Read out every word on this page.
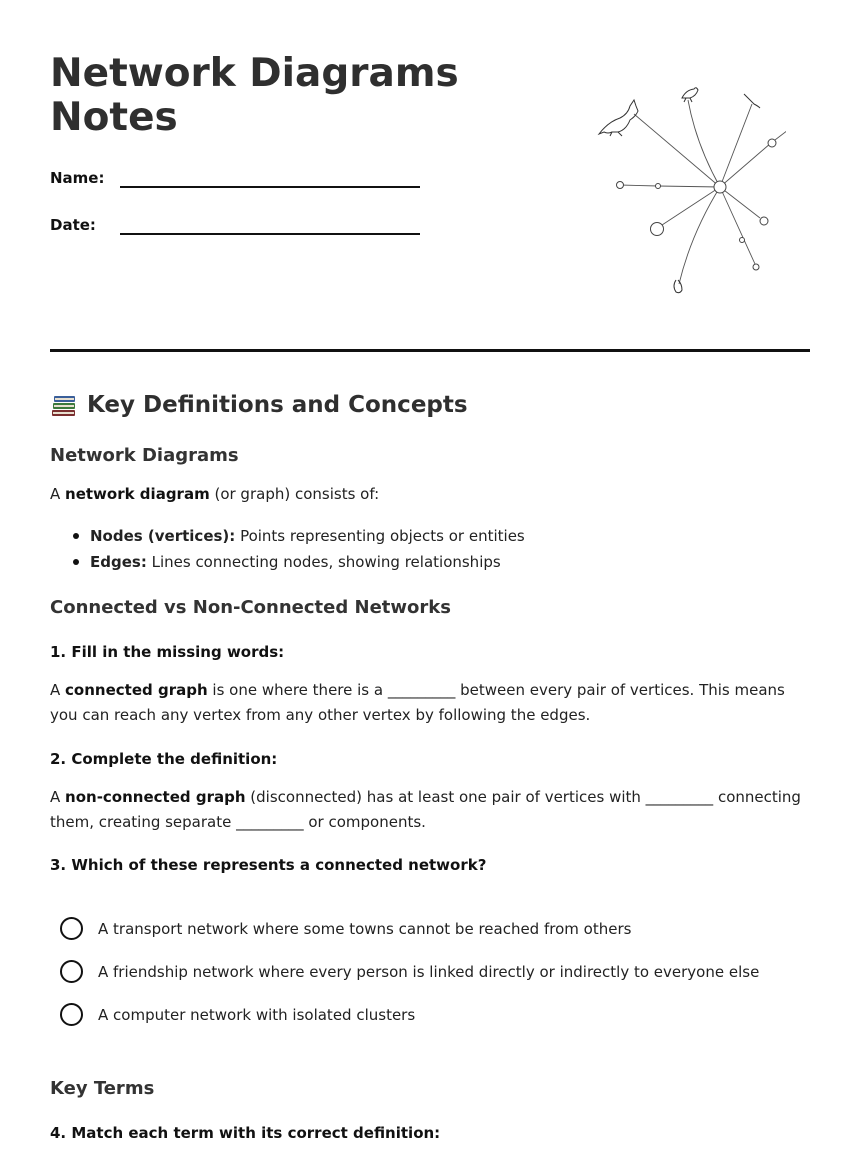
Network Diagrams
Notes
Name:
Date:
Key Definitions and Concepts
Network Diagrams

A network diagram (or graph) consists of:

Nodes (vertices): Points representing objects or entities
Edges: Lines connecting nodes, showing relationships
Connected vs Non-Connected Networks

1. Fill in the missing words:

A connected graph is one where there is a _________ between every pair of vertices. This means you can reach any vertex from any other vertex by following the edges.

2. Complete the definition:

A non-connected graph (disconnected) has at least one pair of vertices with _________ connecting them, creating separate _________ or components.

3. Which of these represents a connected network?

A transport network where some towns cannot be reached from others
A friendship network where every person is linked directly or indirectly to everyone else
A computer network with isolated clusters
Key Terms

4. Match each term with its correct definition:
